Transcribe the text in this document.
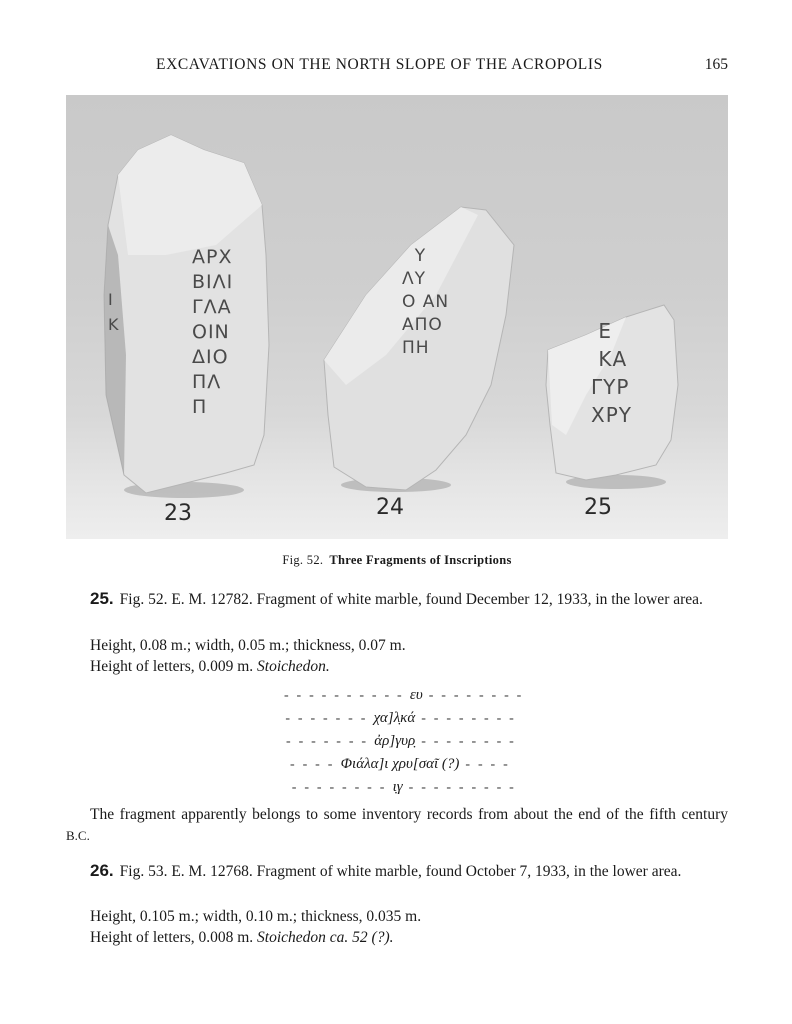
EXCAVATIONS ON THE NORTH SLOPE OF THE ACROPOLIS	165
ΑΡΧ
ΒΙΛΙ
ΓΛΑ
ΟΙΝ
ΔΙΟ
ΠΛ
Π
Ι
Κ
Υ
ΛΥ
Ο ΑΝ
ΑΠΟ
ΠΗ
Ε
ΚΑ
ΓΥΡ
ΧΡΥ
23	24	25
Fig. 52. Three Fragments of Inscriptions
25. Fig. 52. E. M. 12782. Fragment of white marble, found December 12, 1933, in the lower area.
Height, 0.08 m.; width, 0.05 m.; thickness, 0.07 m.
Height of letters, 0.009 m. Stoichedon.
- - - - - - - - - - ευ - - - - - - - -
- - - - - - - χα]λ̣κά - - - - - - - -
- - - - - - - ἀρ]γυρ̣ - - - - - - - -
- - - - Φιάλα]ι χρυ[σαῖ (?) - - - -
- - - - - - - - ι̣γ - - - - - - - - -
The fragment apparently belongs to some inventory records from about the end of the fifth century B.C.
26. Fig. 53. E. M. 12768. Fragment of white marble, found October 7, 1933, in the lower area.
Height, 0.105 m.; width, 0.10 m.; thickness, 0.035 m.
Height of letters, 0.008 m. Stoichedon ca. 52 (?).
